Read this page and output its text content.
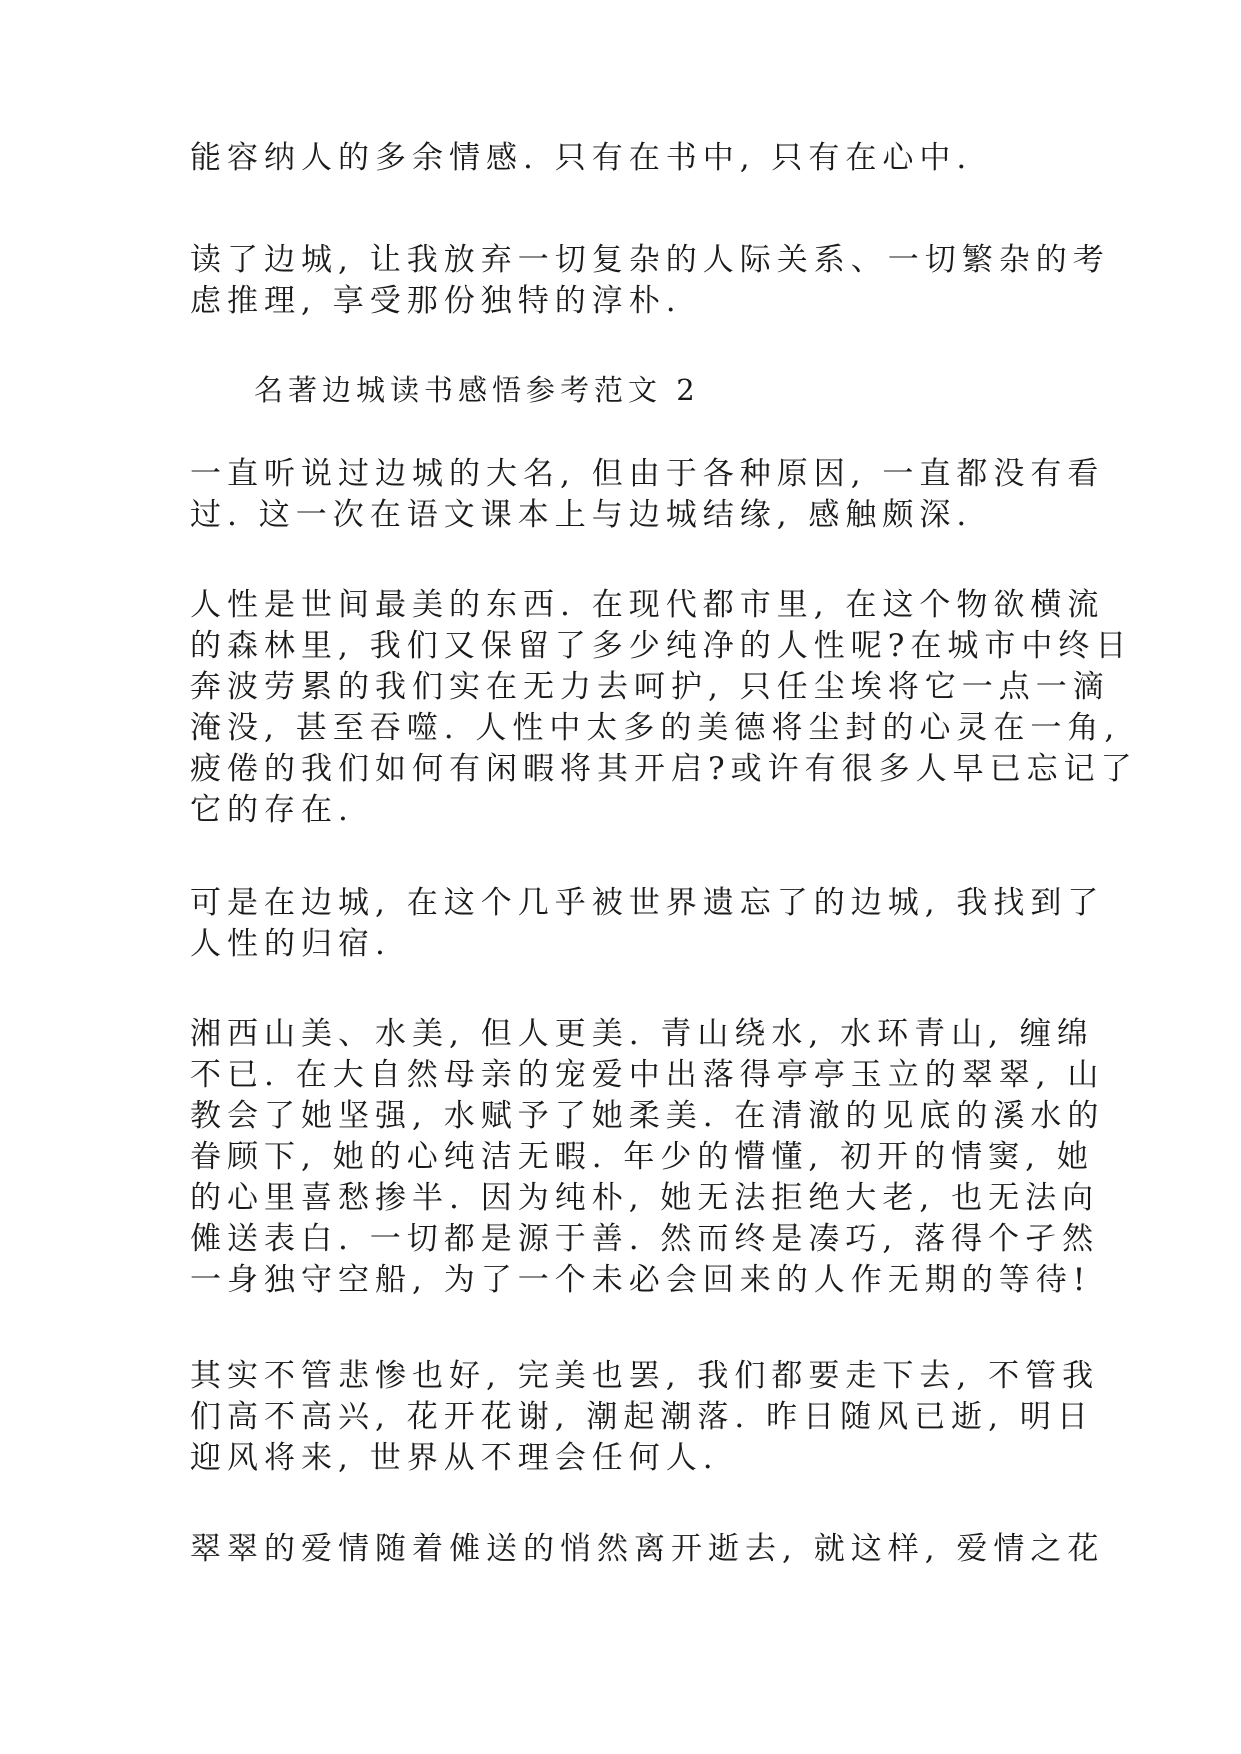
能容纳人的多余情感. 只有在书中, 只有在心中.
读了边城, 让我放弃一切复杂的人际关系、一切繁杂的考
虑推理, 享受那份独特的淳朴.
名著边城读书感悟参考范文 2
一直听说过边城的大名, 但由于各种原因, 一直都没有看
过. 这一次在语文课本上与边城结缘, 感触颇深.
人性是世间最美的东西. 在现代都市里, 在这个物欲横流
的森林里, 我们又保留了多少纯净的人性呢?在城市中终日
奔波劳累的我们实在无力去呵护, 只任尘埃将它一点一滴
淹没, 甚至吞噬. 人性中太多的美德将尘封的心灵在一角,
疲倦的我们如何有闲暇将其开启?或许有很多人早已忘记了
它的存在.
可是在边城, 在这个几乎被世界遗忘了的边城, 我找到了
人性的归宿.
湘西山美、水美, 但人更美. 青山绕水, 水环青山, 缠绵
不已. 在大自然母亲的宠爱中出落得亭亭玉立的翠翠, 山
教会了她坚强, 水赋予了她柔美. 在清澈的见底的溪水的
眷顾下, 她的心纯洁无暇. 年少的懵懂, 初开的情窦, 她
的心里喜愁掺半. 因为纯朴, 她无法拒绝大老, 也无法向
傩送表白. 一切都是源于善. 然而终是凑巧, 落得个孑然
一身独守空船, 为了一个未必会回来的人作无期的等待!
其实不管悲惨也好, 完美也罢, 我们都要走下去, 不管我
们高不高兴, 花开花谢, 潮起潮落. 昨日随风已逝, 明日
迎风将来, 世界从不理会任何人.
翠翠的爱情随着傩送的悄然离开逝去, 就这样, 爱情之花
